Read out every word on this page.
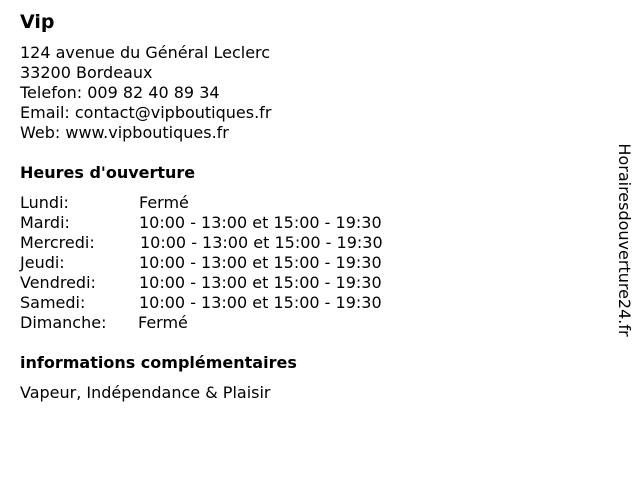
Vip
124 avenue du Général Leclerc
33200 Bordeaux
Telefon: 009 82 40 89 34
Email: contact@vipboutiques.fr
Web: www.vipboutiques.fr
Heures d'ouverture
Lundi:	Fermé
Mardi:	10:00 - 13:00 et 15:00 - 19:30
Mercredi:	10:00 - 13:00 et 15:00 - 19:30
Jeudi:	10:00 - 13:00 et 15:00 - 19:30
Vendredi:	10:00 - 13:00 et 15:00 - 19:30
Samedi:	10:00 - 13:00 et 15:00 - 19:30
Dimanche: Fermé
informations complémentaires
Vapeur, Indépendance & Plaisir
Horairesdouverture24.fr
